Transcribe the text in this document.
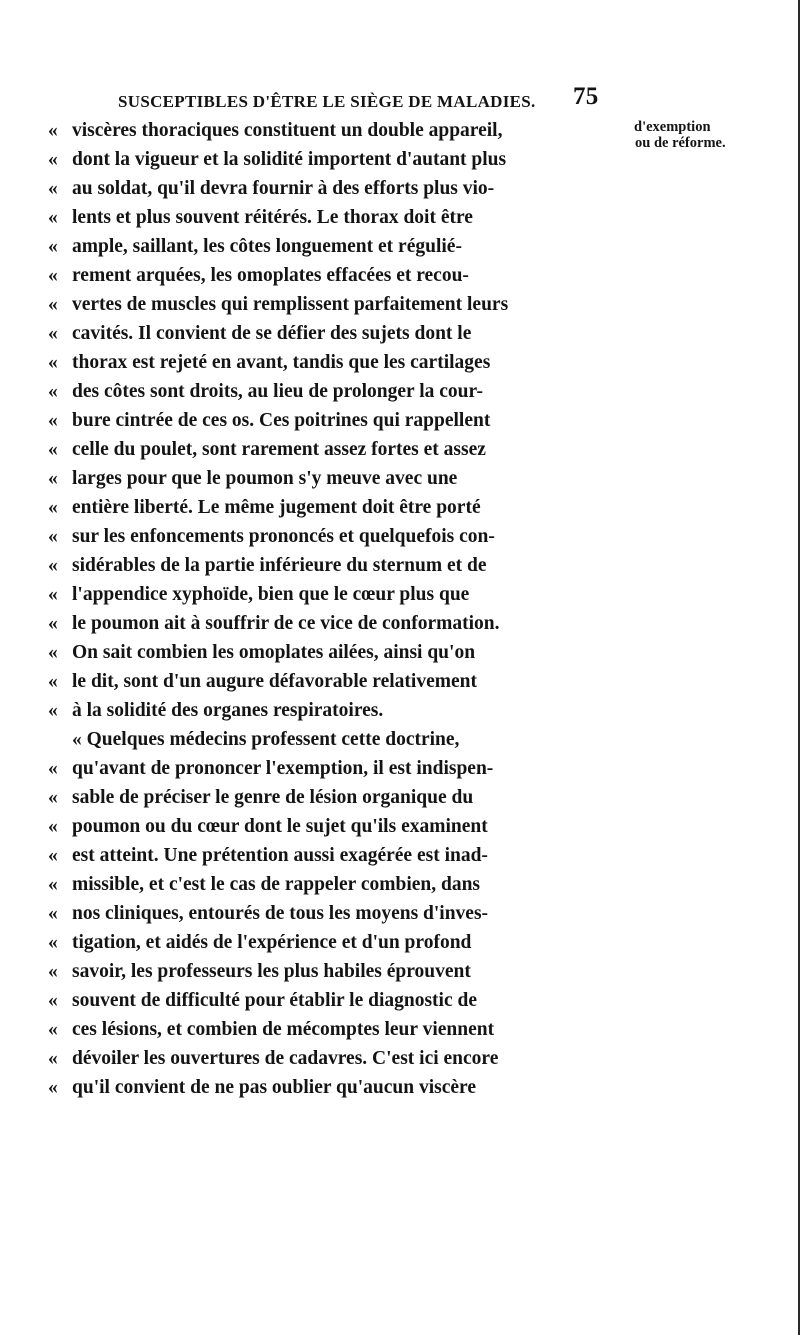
SUSCEPTIBLES D'ÊTRE LE SIÈGE DE MALADIES. 75
d'exemption
ou de réforme.
« viscères thoraciques constituent un double appareil,
« dont la vigueur et la solidité importent d'autant plus
« au soldat, qu'il devra fournir à des efforts plus vio-
« lents et plus souvent réitérés. Le thorax doit être
« ample, saillant, les côtes longuement et régulié-
« rement arquées, les omoplates effacées et recou-
« vertes de muscles qui remplissent parfaitement leurs
« cavités. Il convient de se défier des sujets dont le
« thorax est rejeté en avant, tandis que les cartilages
« des côtes sont droits, au lieu de prolonger la cour-
« bure cintrée de ces os. Ces poitrines qui rappellent
« celle du poulet, sont rarement assez fortes et assez
« larges pour que le poumon s'y meuve avec une
« entière liberté. Le même jugement doit être porté
« sur les enfoncements prononcés et quelquefois con-
« sidérables de la partie inférieure du sternum et de
« l'appendice xyphoïde, bien que le cœur plus que
« le poumon ait à souffrir de ce vice de conformation.
« On sait combien les omoplates ailées, ainsi qu'on
« le dit, sont d'un augure défavorable relativement
« à la solidité des organes respiratoires.
« Quelques médecins professent cette doctrine,
« qu'avant de prononcer l'exemption, il est indispen-
« sable de préciser le genre de lésion organique du
« poumon ou du cœur dont le sujet qu'ils examinent
« est atteint. Une prétention aussi exagérée est inad-
« missible, et c'est le cas de rappeler combien, dans
« nos cliniques, entourés de tous les moyens d'inves-
« tigation, et aidés de l'expérience et d'un profond
« savoir, les professeurs les plus habiles éprouvent
« souvent de difficulté pour établir le diagnostic de
« ces lésions, et combien de mécomptes leur viennent
« dévoiler les ouvertures de cadavres. C'est ici encore
« qu'il convient de ne pas oublier qu'aucun viscère
